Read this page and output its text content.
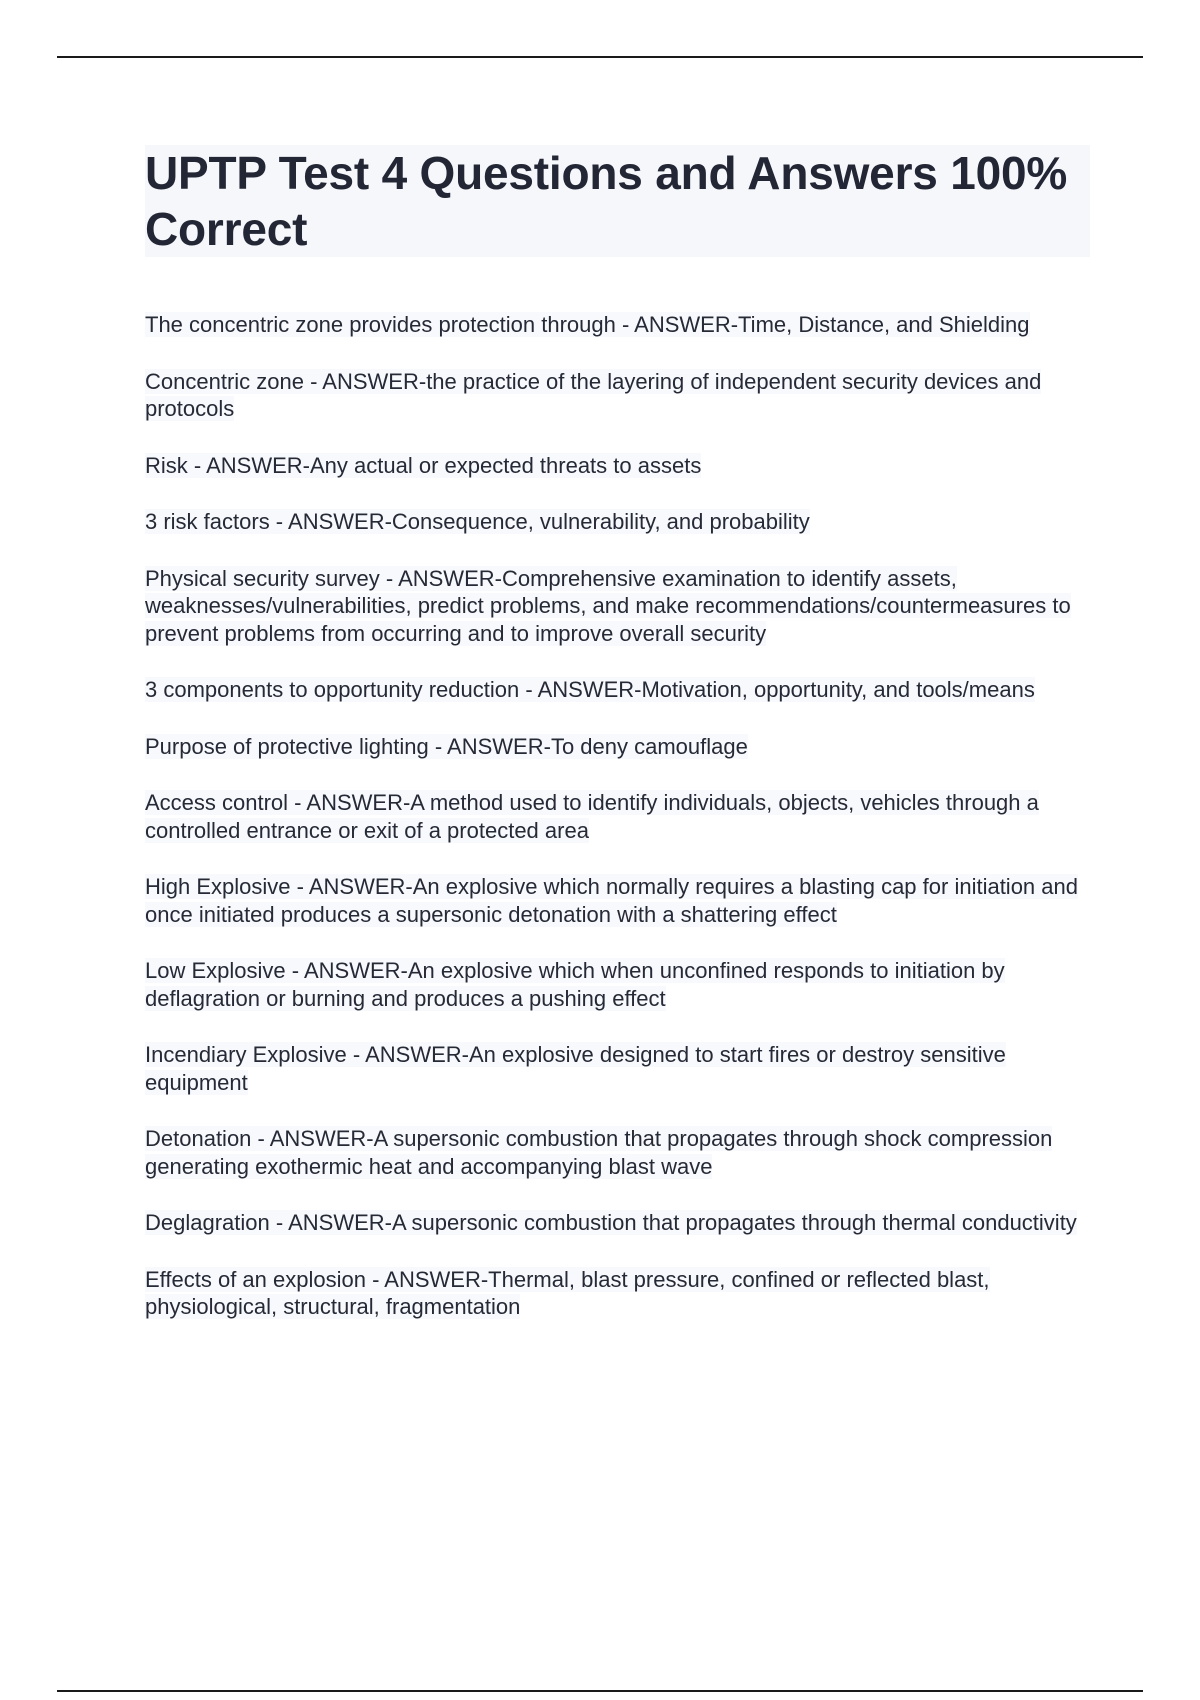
UPTP Test 4 Questions and Answers 100% Correct
The concentric zone provides protection through - ANSWER-Time, Distance, and Shielding
Concentric zone - ANSWER-the practice of the layering of independent security devices and protocols
Risk - ANSWER-Any actual or expected threats to assets
3 risk factors - ANSWER-Consequence, vulnerability, and probability
Physical security survey - ANSWER-Comprehensive examination to identify assets, weaknesses/vulnerabilities, predict problems, and make recommendations/countermeasures to prevent problems from occurring and to improve overall security
3 components to opportunity reduction - ANSWER-Motivation, opportunity, and tools/means
Purpose of protective lighting - ANSWER-To deny camouflage
Access control - ANSWER-A method used to identify individuals, objects, vehicles through a controlled entrance or exit of a protected area
High Explosive - ANSWER-An explosive which normally requires a blasting cap for initiation and once initiated produces a supersonic detonation with a shattering effect
Low Explosive - ANSWER-An explosive which when unconfined responds to initiation by deflagration or burning and produces a pushing effect
Incendiary Explosive - ANSWER-An explosive designed to start fires or destroy sensitive equipment
Detonation - ANSWER-A supersonic combustion that propagates through shock compression generating exothermic heat and accompanying blast wave
Deglagration - ANSWER-A supersonic combustion that propagates through thermal conductivity
Effects of an explosion - ANSWER-Thermal, blast pressure, confined or reflected blast, physiological, structural, fragmentation
